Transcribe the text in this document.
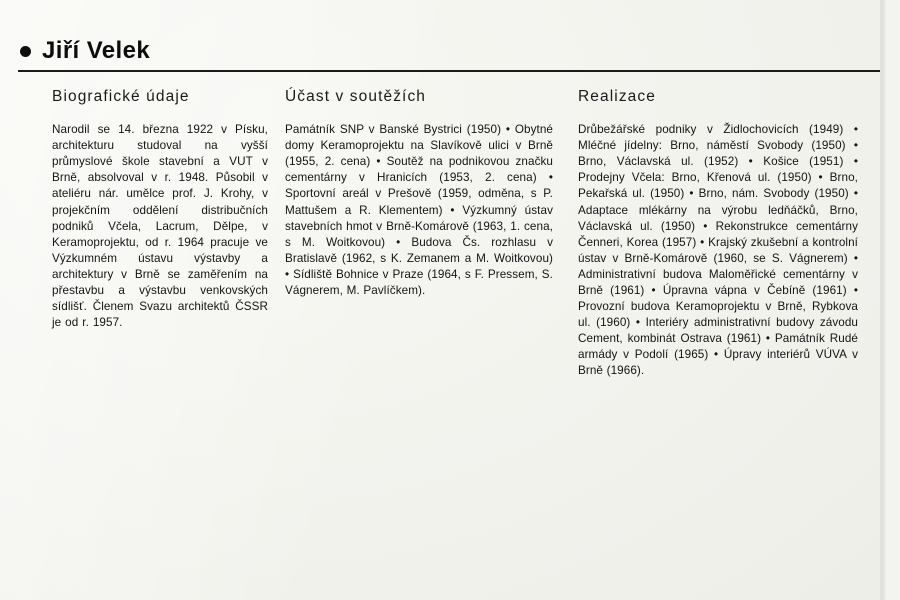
Jiří Velek
Biografické údaje

Narodil se 14. března 1922 v Písku, architekturu studoval na vyšší průmyslové škole stavební a VUT v Brně, absolvoval v r. 1948. Působil v ateliéru nár. umělce prof. J. Krohy, v projekčním oddělení distribučních podniků Včela, Lacrum, Dělpe, v Keramoprojektu, od r. 1964 pracuje ve Výzkumném ústavu výstavby a architektury v Brně se zaměřením na přestavbu a výstavbu venkovských sídlišť. Členem Svazu architektů ČSSR je od r. 1957.

Účast v soutěžích

Památník SNP v Banské Bystrici (1950) • Obytné domy Keramoprojektu na Slavíkově ulici v Brně (1955, 2. cena) • Soutěž na podnikovou značku cementárny v Hranicích (1953, 2. cena) • Sportovní areál v Prešově (1959, odměna, s P. Mattušem a R. Klementem) • Výzkumný ústav stavebních hmot v Brně-Komárově (1963, 1. cena, s M. Woitkovou) • Budova Čs. rozhlasu v Bratislavě (1962, s K. Zemanem a M. Woitkovou) • Sídliště Bohnice v Praze (1964, s F. Pressem, S. Vágnerem, M. Pavlíčkem).

Realizace

Drůbežářské podniky v Židlochovicích (1949) • Mléčné jídelny: Brno, náměstí Svobody (1950) • Brno, Václavská ul. (1952) • Košice (1951) • Prodejny Včela: Brno, Křenová ul. (1950) • Brno, Pekařská ul. (1950) • Brno, nám. Svobody (1950) • Adaptace mlékárny na výrobu ledňáčků, Brno, Václavská ul. (1950) • Rekonstrukce cementárny Čenneri, Korea (1957) • Krajský zkušební a kontrolní ústav v Brně-Komárově (1960, se S. Vágnerem) • Administrativní budova Maloměřické cementárny v Brně (1961) • Úpravna vápna v Čebíně (1961) • Provozní budova Keramoprojektu v Brně, Rybkova ul. (1960) • Interiéry administrativní budovy závodu Cement, kombinát Ostrava (1961) • Památník Rudé armády v Podolí (1965) • Úpravy interiérů VÚVA v Brně (1966).
